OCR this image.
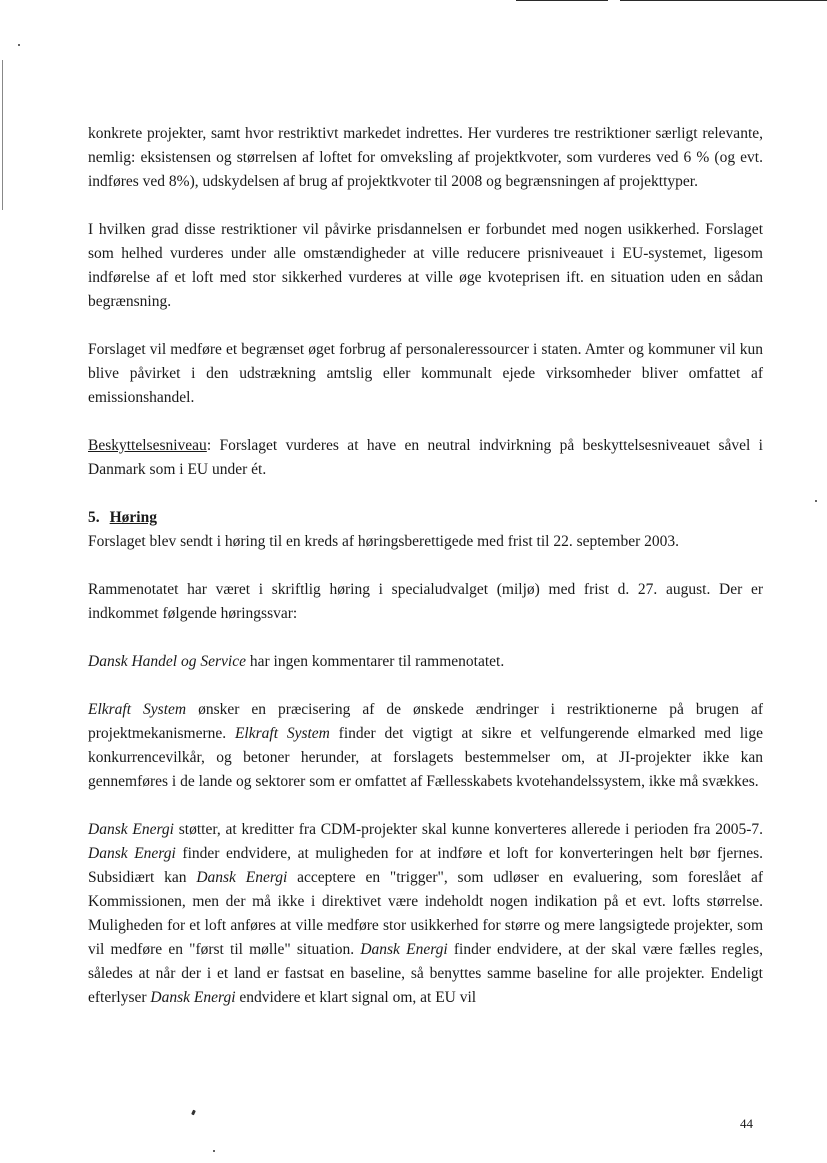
konkrete projekter, samt hvor restriktivt markedet indrettes. Her vurderes tre restriktioner særligt relevante, nemlig: eksistensen og størrelsen af loftet for omveksling af projektkvoter, som vurderes ved 6 % (og evt. indføres ved 8%), udskydelsen af brug af projektkvoter til 2008 og begrænsningen af projekttyper.

I hvilken grad disse restriktioner vil påvirke prisdannelsen er forbundet med nogen usikkerhed. Forslaget som helhed vurderes under alle omstændigheder at ville reducere prisniveauet i EU-systemet, ligesom indførelse af et loft med stor sikkerhed vurderes at ville øge kvoteprisen ift. en situation uden en sådan begrænsning.

Forslaget vil medføre et begrænset øget forbrug af personaleressourcer i staten. Amter og kommuner vil kun blive påvirket i den udstrækning amtslig eller kommunalt ejede virksomheder bliver omfattet af emissionshandel.

Beskyttelsesniveau: Forslaget vurderes at have en neutral indvirkning på beskyttelsesniveauet såvel i Danmark som i EU under ét.

5. Høring

Forslaget blev sendt i høring til en kreds af høringsberettigede med frist til 22. september 2003.

Rammenotatet har været i skriftlig høring i specialudvalget (miljø) med frist d. 27. august. Der er indkommet følgende høringssvar:

Dansk Handel og Service har ingen kommentarer til rammenotatet.

Elkraft System ønsker en præcisering af de ønskede ændringer i restriktionerne på brugen af projektmekanismerne. Elkraft System finder det vigtigt at sikre et velfungerende elmarked med lige konkurrencevilkår, og betoner herunder, at forslagets bestemmelser om, at JI-projekter ikke kan gennemføres i de lande og sektorer som er omfattet af Fællesskabets kvotehandelssystem, ikke må svækkes.

Dansk Energi støtter, at kreditter fra CDM-projekter skal kunne konverteres allerede i perioden fra 2005-7. Dansk Energi finder endvidere, at muligheden for at indføre et loft for konverteringen helt bør fjernes. Subsidiært kan Dansk Energi acceptere en "trigger", som udløser en evaluering, som foreslået af Kommissionen, men der må ikke i direktivet være indeholdt nogen indikation på et evt. lofts størrelse. Muligheden for et loft anføres at ville medføre stor usikkerhed for større og mere langsigtede projekter, som vil medføre en "først til mølle" situation. Dansk Energi finder endvidere, at der skal være fælles regles, således at når der i et land er fastsat en baseline, så benyttes samme baseline for alle projekter. Endeligt efterlyser Dansk Energi endvidere et klart signal om, at EU vil

44
